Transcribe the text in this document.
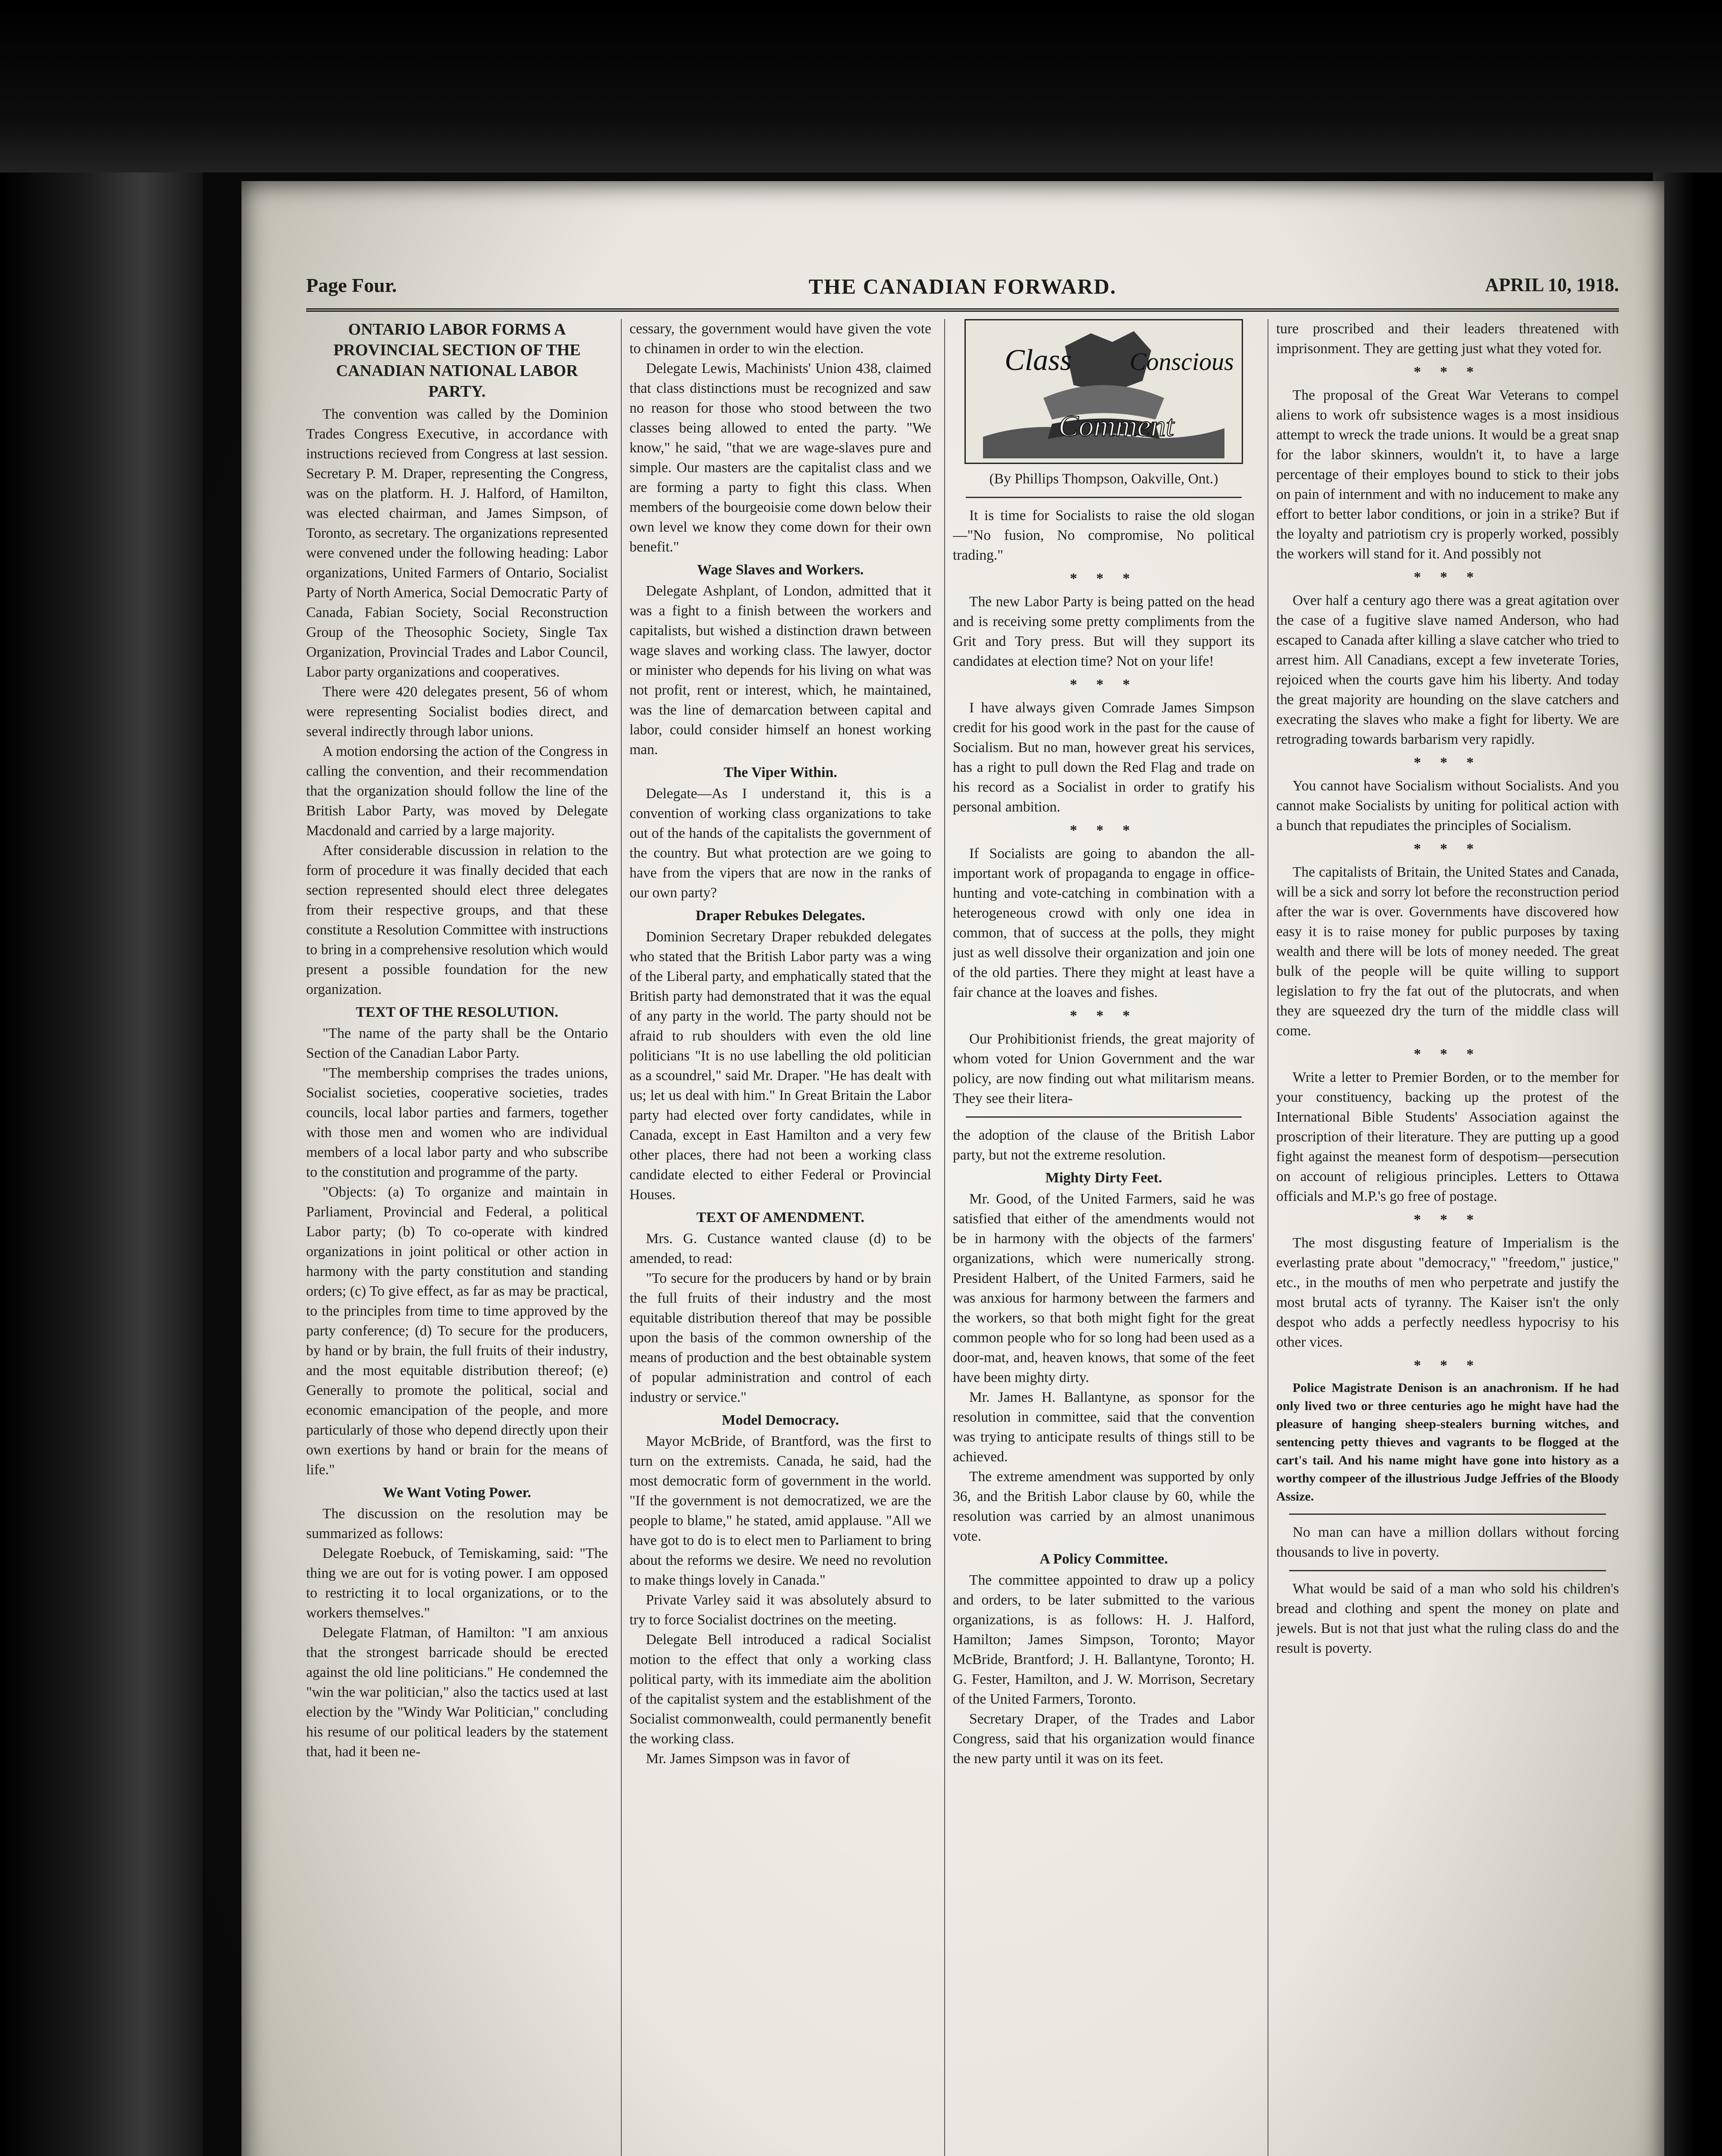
Page Four.	THE CANADIAN FORWARD.	APRIL 10, 1918.
ONTARIO LABOR FORMS A PROVINCIAL SECTION OF THE CANADIAN NATIONAL LABOR PARTY.

The convention was called by the Dominion Trades Congress Executive, in accordance with instructions recieved from Congress at last session. Secretary P. M. Draper, representing the Congress, was on the platform. H. J. Halford, of Hamilton, was elected chairman, and James Simpson, of Toronto, as secretary. The organizations represented were convened under the following heading: Labor organizations, United Farmers of Ontario, Socialist Party of North America, Social Democratic Party of Canada, Fabian Society, Social Reconstruction Group of the Theosophic Society, Single Tax Organization, Provincial Trades and Labor Council, Labor party organizations and cooperatives.

There were 420 delegates present, 56 of whom were representing Socialist bodies direct, and several indirectly through labor unions.

A motion endorsing the action of the Congress in calling the convention, and their recommendation that the organization should follow the line of the British Labor Party, was moved by Delegate Macdonald and carried by a large majority.

After considerable discussion in relation to the form of procedure it was finally decided that each section represented should elect three delegates from their respective groups, and that these constitute a Resolution Committee with instructions to bring in a comprehensive resolution which would present a possible foundation for the new organization.

TEXT OF THE RESOLUTION.

"The name of the party shall be the Ontario Section of the Canadian Labor Party.

"The membership comprises the trades unions, Socialist societies, cooperative societies, trades councils, local labor parties and farmers, together with those men and women who are individual members of a local labor party and who subscribe to the constitution and programme of the party.

"Objects: (a) To organize and maintain in Parliament, Provincial and Federal, a political Labor party; (b) To co-operate with kindred organizations in joint political or other action in harmony with the party constitution and standing orders; (c) To give effect, as far as may be practical, to the principles from time to time approved by the party conference; (d) To secure for the producers, by hand or by brain, the full fruits of their industry, and the most equitable distribution thereof; (e) Generally to promote the political, social and economic emancipation of the people, and more particularly of those who depend directly upon their own exertions by hand or brain for the means of life."

We Want Voting Power.

The discussion on the resolution may be summarized as follows:

Delegate Roebuck, of Temiskaming, said: "The thing we are out for is voting power. I am opposed to restricting it to local organizations, or to the workers themselves."

Delegate Flatman, of Hamilton: "I am anxious that the strongest barricade should be erected against the old line politicians." He condemned the "win the war politician," also the tactics used at last election by the "Windy War Politician," concluding his resume of our political leaders by the statement that, had it been ne-

cessary, the government would have given the vote to chinamen in order to win the election.

Delegate Lewis, Machinists' Union 438, claimed that class distinctions must be recognized and saw no reason for those who stood between the two classes being allowed to ented the party. "We know," he said, "that we are wage-slaves pure and simple. Our masters are the capitalist class and we are forming a party to fight this class. When members of the bourgeoisie come down below their own level we know they come down for their own benefit."

Wage Slaves and Workers.

Delegate Ashplant, of London, admitted that it was a fight to a finish between the workers and capitalists, but wished a distinction drawn between wage slaves and working class. The lawyer, doctor or minister who depends for his living on what was not profit, rent or interest, which, he maintained, was the line of demarcation between capital and labor, could consider himself an honest working man.

The Viper Within.

Delegate—As I understand it, this is a convention of working class organizations to take out of the hands of the capitalists the government of the country. But what protection are we going to have from the vipers that are now in the ranks of our own party?

Draper Rebukes Delegates.

Dominion Secretary Draper rebukded delegates who stated that the British Labor party was a wing of the Liberal party, and emphatically stated that the British party had demonstrated that it was the equal of any party in the world. The party should not be afraid to rub shoulders with even the old line politicians "It is no use labelling the old politician as a scoundrel," said Mr. Draper. "He has dealt with us; let us deal with him." In Great Britain the Labor party had elected over forty candidates, while in Canada, except in East Hamilton and a very few other places, there had not been a working class candidate elected to either Federal or Provincial Houses.

TEXT OF AMENDMENT.

Mrs. G. Custance wanted clause (d) to be amended, to read:

"To secure for the producers by hand or by brain the full fruits of their industry and the most equitable distribution thereof that may be possible upon the basis of the common ownership of the means of production and the best obtainable system of popular administration and control of each industry or service."

Model Democracy.

Mayor McBride, of Brantford, was the first to turn on the extremists. Canada, he said, had the most democratic form of government in the world. "If the government is not democratized, we are the people to blame," he stated, amid applause. "All we have got to do is to elect men to Parliament to bring about the reforms we desire. We need no revolution to make things lovely in Canada."

Private Varley said it was absolutely absurd to try to force Socialist doctrines on the meeting.

Delegate Bell introduced a radical Socialist motion to the effect that only a working class political party, with its immediate aim the abolition of the capitalist system and the establishment of the Socialist commonwealth, could permanently benefit the working class.

Mr. James Simpson was in favor of

Class Conscious
Comment

(By Phillips Thompson, Oakville, Ont.)

It is time for Socialists to raise the old slogan—"No fusion, No compromise, No political trading."

* * *

The new Labor Party is being patted on the head and is receiving some pretty compliments from the Grit and Tory press. But will they support its candidates at election time? Not on your life!

* * *

I have always given Comrade James Simpson credit for his good work in the past for the cause of Socialism. But no man, however great his services, has a right to pull down the Red Flag and trade on his record as a Socialist in order to gratify his personal ambition.

* * *

If Socialists are going to abandon the all-important work of propaganda to engage in office-hunting and vote-catching in combination with a heterogeneous crowd with only one idea in common, that of success at the polls, they might just as well dissolve their organization and join one of the old parties. There they might at least have a fair chance at the loaves and fishes.

* * *

Our Prohibitionist friends, the great majority of whom voted for Union Government and the war policy, are now finding out what militarism means. They see their litera-

the adoption of the clause of the British Labor party, but not the extreme resolution.

Mighty Dirty Feet.

Mr. Good, of the United Farmers, said he was satisfied that either of the amendments would not be in harmony with the objects of the farmers' organizations, which were numerically strong. President Halbert, of the United Farmers, said he was anxious for harmony between the farmers and the workers, so that both might fight for the great common people who for so long had been used as a door-mat, and, heaven knows, that some of the feet have been mighty dirty.

Mr. James H. Ballantyne, as sponsor for the resolution in committee, said that the convention was trying to anticipate results of things still to be achieved.

The extreme amendment was supported by only 36, and the British Labor clause by 60, while the resolution was carried by an almost unanimous vote.

A Policy Committee.

The committee appointed to draw up a policy and orders, to be later submitted to the various organizations, is as follows: H. J. Halford, Hamilton; James Simpson, Toronto; Mayor McBride, Brantford; J. H. Ballantyne, Toronto; H. G. Fester, Hamilton, and J. W. Morrison, Secretary of the United Farmers, Toronto.

Secretary Draper, of the Trades and Labor Congress, said that his organization would finance the new party until it was on its feet.

ture proscribed and their leaders threatened with imprisonment. They are getting just what they voted for.

* * *

The proposal of the Great War Veterans to compel aliens to work ofr subsistence wages is a most insidious attempt to wreck the trade unions. It would be a great snap for the labor skinners, wouldn't it, to have a large percentage of their employes bound to stick to their jobs on pain of internment and with no inducement to make any effort to better labor conditions, or join in a strike? But if the loyalty and patriotism cry is properly worked, possibly the workers will stand for it. And possibly not

* * *

Over half a century ago there was a great agitation over the case of a fugitive slave named Anderson, who had escaped to Canada after killing a slave catcher who tried to arrest him. All Canadians, except a few inveterate Tories, rejoiced when the courts gave him his liberty. And today the great majority are hounding on the slave catchers and execrating the slaves who make a fight for liberty. We are retrograding towards barbarism very rapidly.

* * *

You cannot have Socialism without Socialists. And you cannot make Socialists by uniting for political action with a bunch that repudiates the principles of Socialism.

* * *

The capitalists of Britain, the United States and Canada, will be a sick and sorry lot before the reconstruction period after the war is over. Governments have discovered how easy it is to raise money for public purposes by taxing wealth and there will be lots of money needed. The great bulk of the people will be quite willing to support legislation to fry the fat out of the plutocrats, and when they are squeezed dry the turn of the middle class will come.

* * *

Write a letter to Premier Borden, or to the member for your constituency, backing up the protest of the International Bible Students' Association against the proscription of their literature. They are putting up a good fight against the meanest form of despotism—persecution on account of religious principles. Letters to Ottawa officials and M.P.'s go free of postage.

* * *

The most disgusting feature of Imperialism is the everlasting prate about "democracy," "freedom," justice," etc., in the mouths of men who perpetrate and justify the most brutal acts of tyranny. The Kaiser isn't the only despot who adds a perfectly needless hypocrisy to his other vices.

* * *

Police Magistrate Denison is an anachronism. If he had only lived two or three centuries ago he might have had the pleasure of hanging sheep-stealers burning witches, and sentencing petty thieves and vagrants to be flogged at the cart's tail. And his name might have gone into history as a worthy compeer of the illustrious Judge Jeffries of the Bloody Assize.

No man can have a million dollars without forcing thousands to live in poverty.

What would be said of a man who sold his children's bread and clothing and spent the money on plate and jewels. But is not that just what the ruling class do and the result is poverty.
